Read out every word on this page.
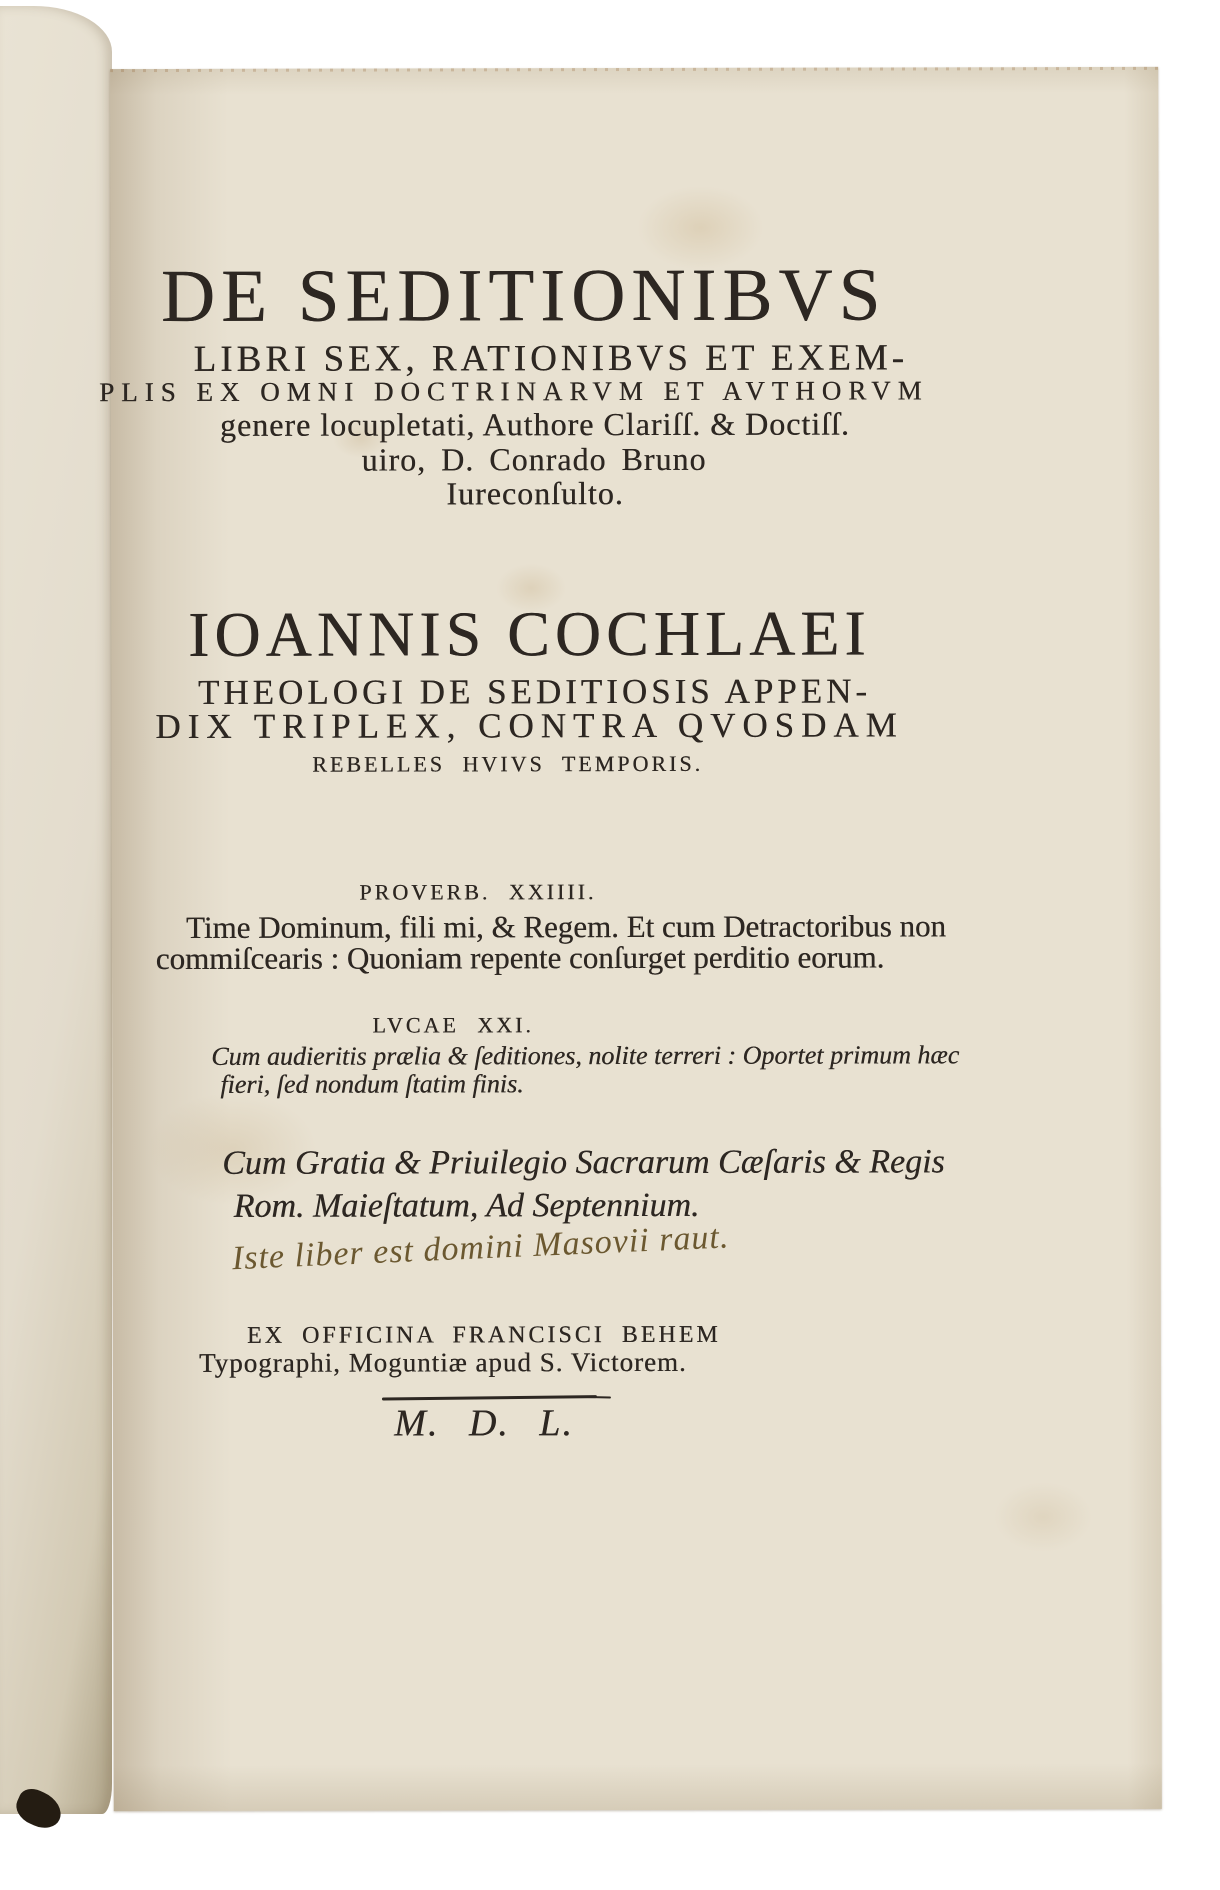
DE SEDITIONIBVS
LIBRI SEX, RATIONIBVS ET EXEM-
PLIS EX OMNI DOCTRINARVM ET AVTHORVM
genere locupletati, Authore Clariſſ. & Doctiſſ.
uiro, D. Conrado Bruno
Iureconſulto.
IOANNIS COCHLAEI
THEOLOGI DE SEDITIOSIS APPEN-
DIX TRIPLEX, CONTRA QVOSDAM
REBELLES HVIVS TEMPORIS.
PROVERB. XXIIII.
Time Dominum, fili mi, & Regem. Et cum Detractoribus non
commiſcearis : Quoniam repente conſurget perditio eorum.
LVCAE XXI.
Cum audieritis prælia & ſeditiones, nolite terreri : Oportet primum hæc
fieri, ſed nondum ſtatim finis.
Cum Gratia & Priuilegio Sacrarum Cæſaris & Regis
Rom. Maieſtatum, Ad Septennium.
Iste liber est domini Masovii raut.
EX OFFICINA FRANCISCI BEHEM
Typographi, Moguntiæ apud S. Victorem.
M. D. L.
